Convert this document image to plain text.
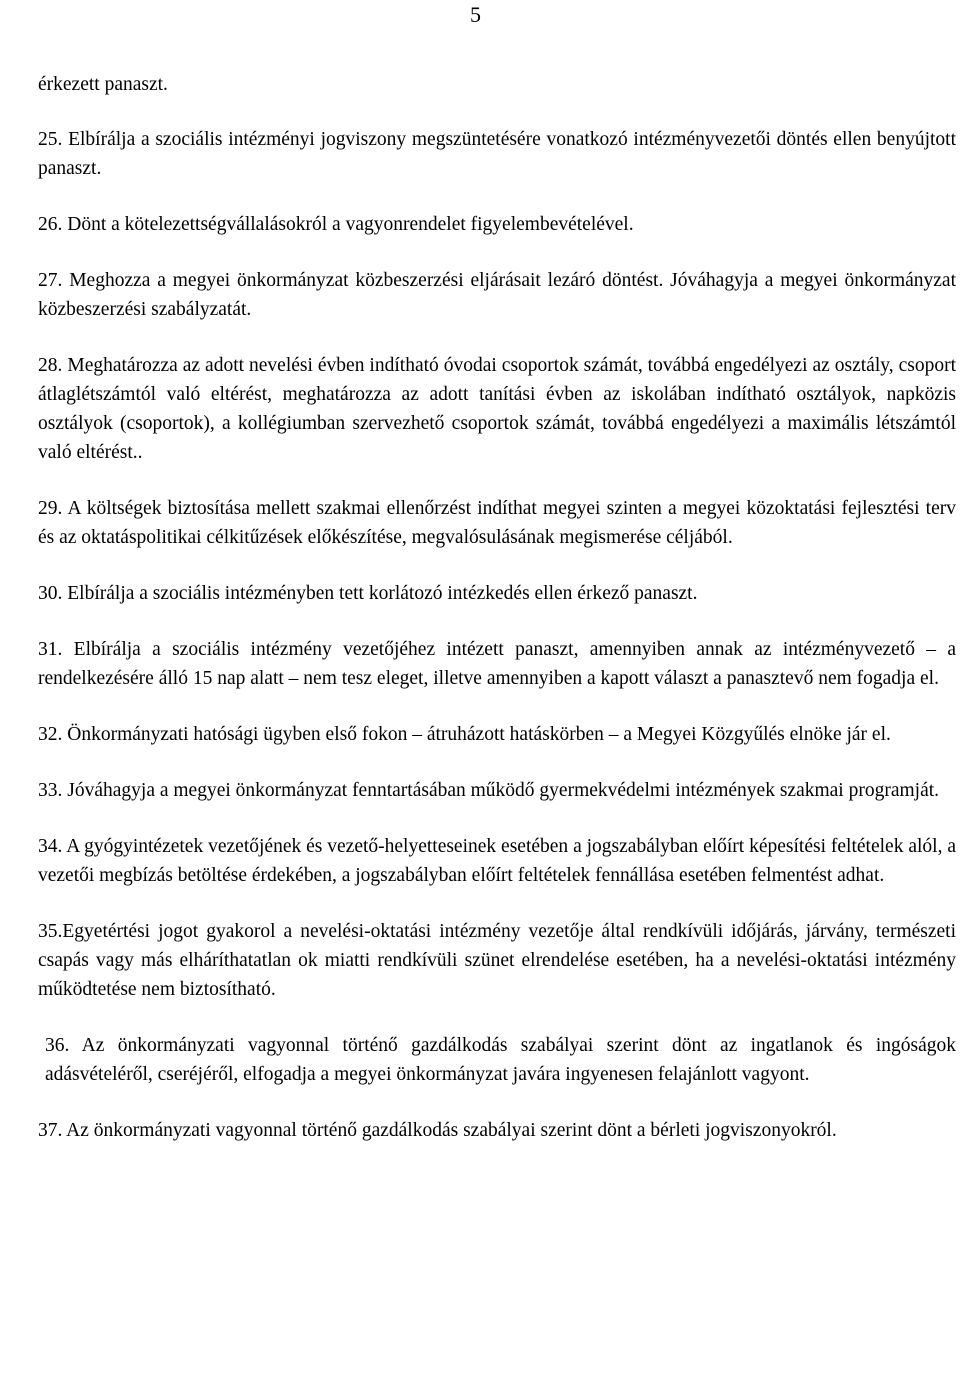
5

érkezett panaszt.

25. Elbírálja a szociális intézményi jogviszony megszüntetésére vonatkozó intézményvezetői döntés ellen benyújtott panaszt.

26. Dönt a kötelezettségvállalásokról a vagyonrendelet figyelembevételével.

27. Meghozza a megyei önkormányzat közbeszerzési eljárásait lezáró döntést. Jóváhagyja a megyei önkormányzat közbeszerzési szabályzatát.

28. Meghatározza az adott nevelési évben indítható óvodai csoportok számát, továbbá engedélyezi az osztály, csoport átlaglétszámtól való eltérést, meghatározza az adott tanítási évben az iskolában indítható osztályok, napközis osztályok (csoportok), a kollégiumban szervezhető csoportok számát, továbbá engedélyezi a maximális létszámtól való eltérést..

29. A költségek biztosítása mellett szakmai ellenőrzést indíthat megyei szinten a megyei közoktatási fejlesztési terv és az oktatáspolitikai célkitűzések előkészítése, megvalósulásának megismerése céljából.

30. Elbírálja a szociális intézményben tett korlátozó intézkedés ellen érkező panaszt.

31. Elbírálja a szociális intézmény vezetőjéhez intézett panaszt, amennyiben annak az intézményvezető – a rendelkezésére álló 15 nap alatt – nem tesz eleget, illetve amennyiben a kapott választ a panasztevő nem fogadja el.

32. Önkormányzati hatósági ügyben első fokon – átruházott hatáskörben – a Megyei Közgyűlés elnöke jár el.

33. Jóváhagyja a megyei önkormányzat fenntartásában működő gyermekvédelmi intézmények szakmai programját.

34. A gyógyintézetek vezetőjének és vezető-helyetteseinek esetében a jogszabályban előírt képesítési feltételek alól, a vezetői megbízás betöltése érdekében, a jogszabályban előírt feltételek fennállása esetében felmentést adhat.

35.Egyetértési jogot gyakorol a nevelési-oktatási intézmény vezetője által rendkívüli időjárás, járvány, természeti csapás vagy más elháríthatatlan ok miatti rendkívüli szünet elrendelése esetében, ha a nevelési-oktatási intézmény működtetése nem biztosítható.

36. Az önkormányzati vagyonnal történő gazdálkodás szabályai szerint dönt az ingatlanok és ingóságok adásvételéről, cseréjéről, elfogadja a megyei önkormányzat javára ingyenesen felajánlott vagyont.

37. Az önkormányzati vagyonnal történő gazdálkodás szabályai szerint dönt a bérleti jogviszonyokról.
